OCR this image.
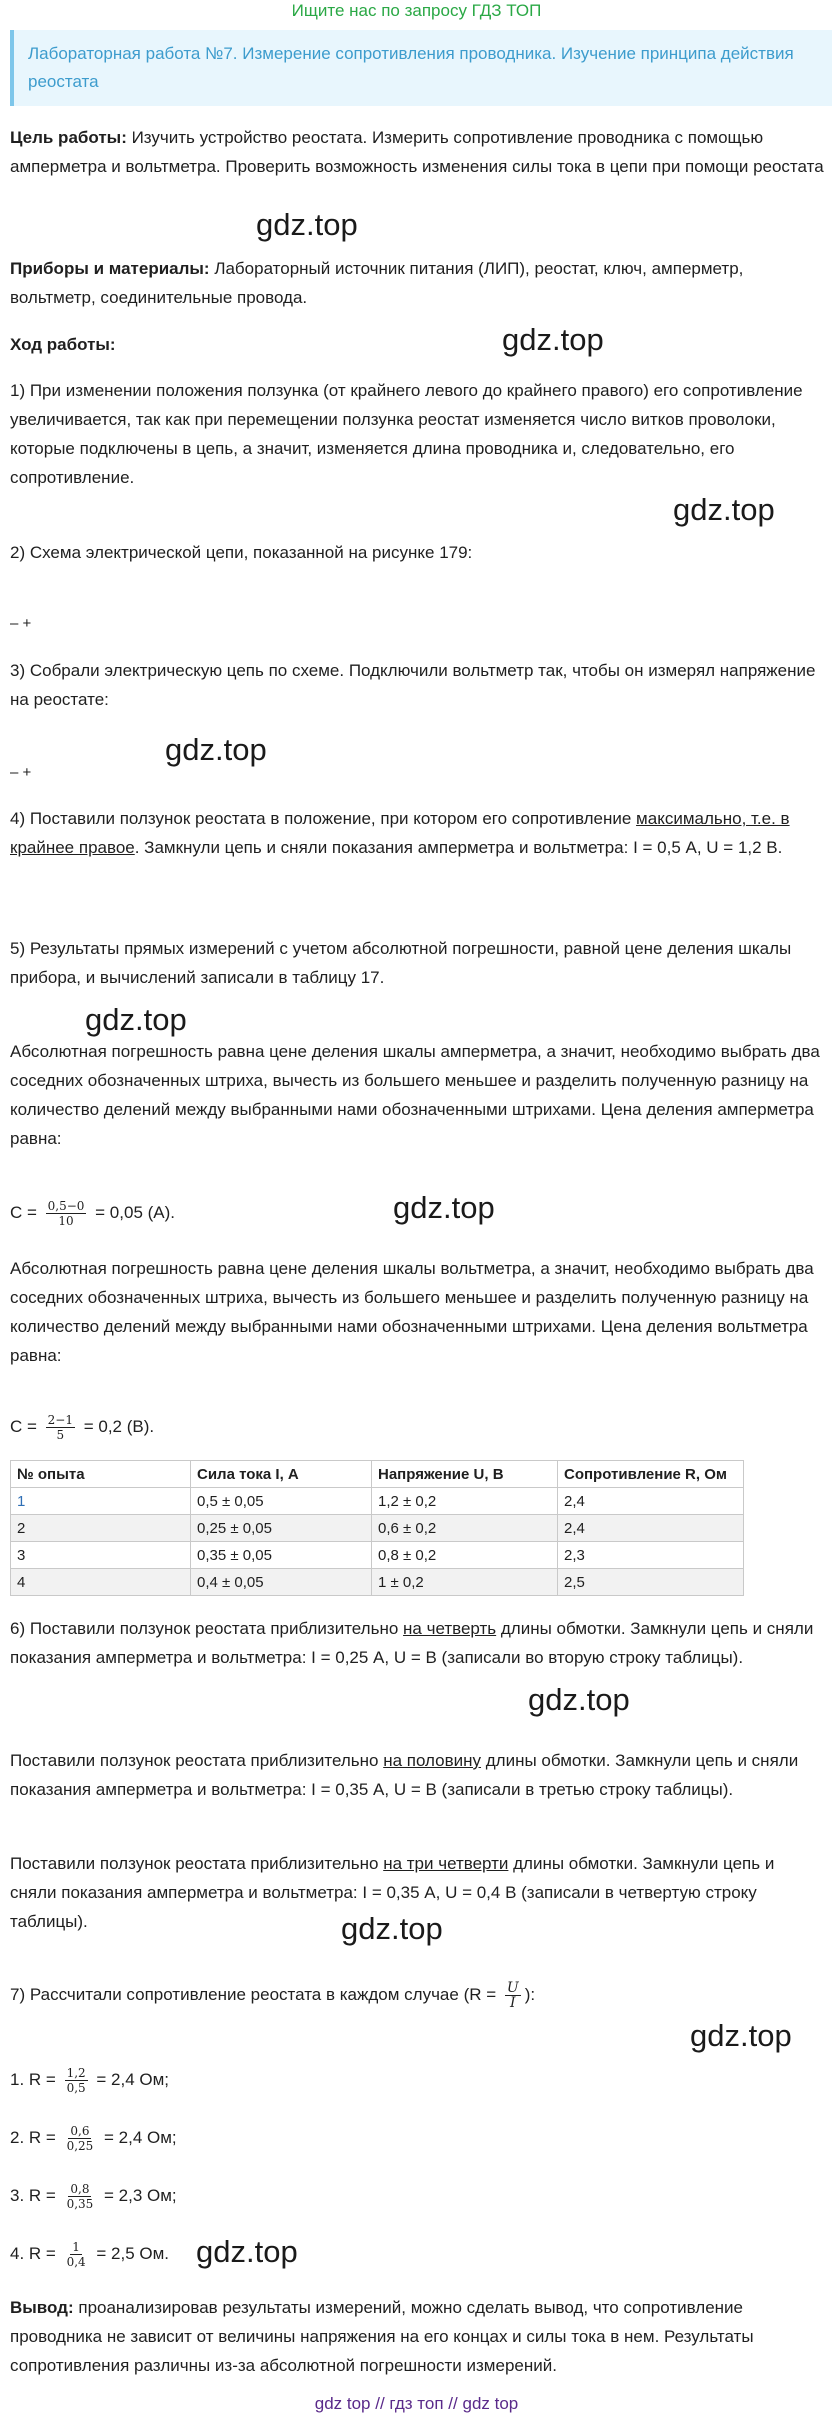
Ищите нас по запросу ГДЗ ТОП
Лабораторная работа №7. Измерение сопротивления проводника. Изучение принципа действия реостата
Цель работы: Изучить устройство реостата. Измерить сопротивление проводника с помощью амперметра и вольтметра. Проверить возможность изменения силы тока в цепи при помощи реостата
gdz.top
Приборы и материалы: Лабораторный источник питания (ЛИП), реостат, ключ, амперметр, вольтметр, соединительные провода.
gdz.top
Ход работы:
1) При изменении положения ползунка (от крайнего левого до крайнего правого) его сопротивление увеличивается, так как при перемещении ползунка реостат изменяется число витков проволоки, которые подключены в цепь, а значит, изменяется длина проводника и, следовательно, его сопротивление.
gdz.top
2) Схема электрической цепи, показанной на рисунке 179:
– +
3) Собрали электрическую цепь по схеме. Подключили вольтметр так, чтобы он измерял напряжение на реостате:
gdz.top
– +
4) Поставили ползунок реостата в положение, при котором его сопротивление максимально, т.е. в крайнее правое. Замкнули цепь и сняли показания амперметра и вольтметра: I = 0,5 А, U = 1,2 В.
5) Результаты прямых измерений с учетом абсолютной погрешности, равной цене деления шкалы прибора, и вычислений записали в таблицу 17.
gdz.top
Абсолютная погрешность равна цене деления шкалы амперметра, а значит, необходимо выбрать два соседних обозначенных штриха, вычесть из большего меньшее и разделить полученную разницу на количество делений между выбранными нами обозначенными штрихами. Цена деления амперметра равна:
$C = \frac{0,5-0}{10} = 0,05$ (А).	gdz.top
Абсолютная погрешность равна цене деления шкалы вольтметра, а значит, необходимо выбрать два соседних обозначенных штриха, вычесть из большего меньшее и разделить полученную разницу на количество делений между выбранными нами обозначенными штрихами. Цена деления вольтметра равна:
$C = \frac{2-1}{5} = 0,2$ (В).
№ опыта	Сила тока I, А	Напряжение U, В	Сопротивление R, Ом
1	0,5 ± 0,05	1,2 ± 0,2	2,4
2	0,25 ± 0,05	0,6 ± 0,2	2,4
3	0,35 ± 0,05	0,8 ± 0,2	2,3
4	0,4 ± 0,05	1 ± 0,2	2,5
6) Поставили ползунок реостата приблизительно на четверть длины обмотки. Замкнули цепь и сняли показания амперметра и вольтметра: I = 0,25 А, U = В (записали во вторую строку таблицы).
gdz.top
Поставили ползунок реостата приблизительно на половину длины обмотки. Замкнули цепь и сняли показания амперметра и вольтметра: I = 0,35 А, U = В (записали в третью строку таблицы).
Поставили ползунок реостата приблизительно на три четверти длины обмотки. Замкнули цепь и сняли показания амперметра и вольтметра: I = 0,35 А, U = 0,4 В (записали в четвертую строку таблицы).	gdz.top
7) Рассчитали сопротивление реостата в каждом случае ($R = \frac{U}{I}$ ):
gdz.top
1. $R = \frac{1,2}{0,5} = 2,4$ Ом;
2. $R = \frac{0,6}{0,25} = 2,4$ Ом;
3. $R = \frac{0,8}{0,35} = 2,3$ Ом;
4. $R = \frac{1}{0,4} = 2,5$ Ом. gdz.top
Вывод: проанализировав результаты измерений, можно сделать вывод, что сопротивление проводника не зависит от величины напряжения на его концах и силы тока в нем. Результаты сопротивления различны из-за абсолютной погрешности измерений.
gdz top // гдз топ // gdz top
